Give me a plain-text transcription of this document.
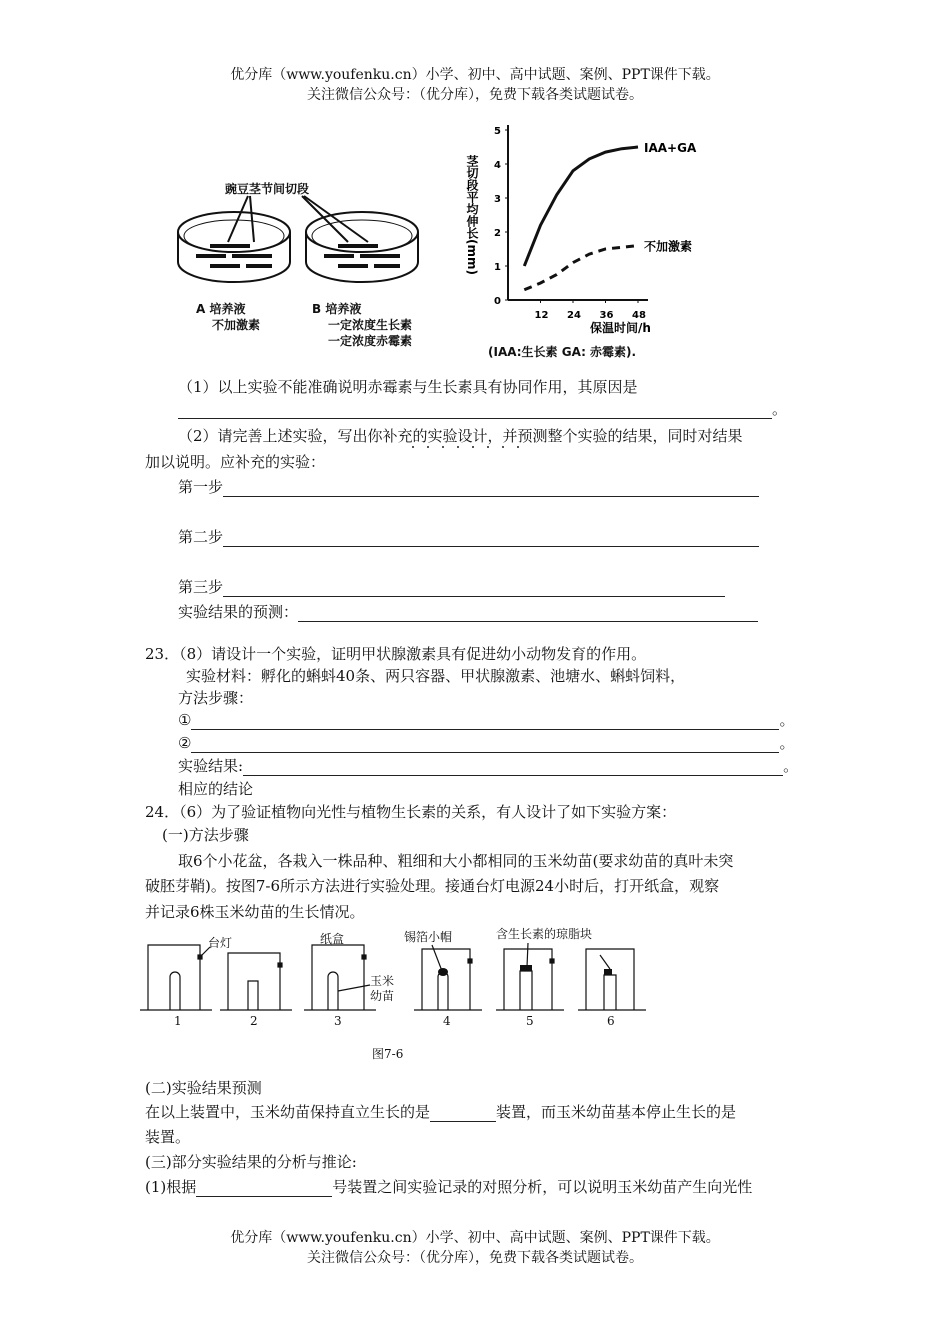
优分库（www.youfenku.cn）小学、初中、高中试题、案例、PPT课件下载。
关注微信公众号：（优分库），免费下载各类试题试卷。
豌豆茎节间切段
A 培养液
不加激素
B 培养液
一定浓度生长素
一定浓度赤霉素
0
1
2
3
4
5
12 24 36 48
IAA+GA
不加激素
茎切段平均伸长(mm)
保温时间/h
(IAA:生长素 GA: 赤霉素).
（1）以上实验不能准确说明赤霉素与生长素具有协同作用，其原因是
。
（2）请完善上述实验，写出你补充的实验设计，并预测整个实验的结果，同时对结果
加以说明。应补充的实验：
第一步
第二步
第三步
实验结果的预测：
23．（8）请设计一个实验，证明甲状腺激素具有促进幼小动物发育的作用。
实验材料：孵化的蝌蚪40条、两只容器、甲状腺激素、池塘水、蝌蚪饲料，
方法步骤：
①	。
②	。
实验结果:	。
相应的结论
24．（6）为了验证植物向光性与植物生长素的关系，有人设计了如下实验方案：
(一)方法步骤
取6个小花盆，各栽入一株品种、粗细和大小都相同的玉米幼苗(要求幼苗的真叶未突
破胚芽鞘)。按图7-6所示方法进行实验处理。接通台灯电源24小时后，打开纸盒，观察
并记录6株玉米幼苗的生长情况。
台灯	纸盒	锡箔小帽	含生长素的琼脂块
玉米
幼苗
1	2	3	4	5	6
图7-6
(二)实验结果预测
在以上装置中，玉米幼苗保持直立生长的是	装置，而玉米幼苗基本停止生长的是
装置。
(三)部分实验结果的分析与推论:
(1)根据	号装置之间实验记录的对照分析，可以说明玉米幼苗产生向光性
优分库（www.youfenku.cn）小学、初中、高中试题、案例、PPT课件下载。
关注微信公众号：（优分库），免费下载各类试题试卷。
